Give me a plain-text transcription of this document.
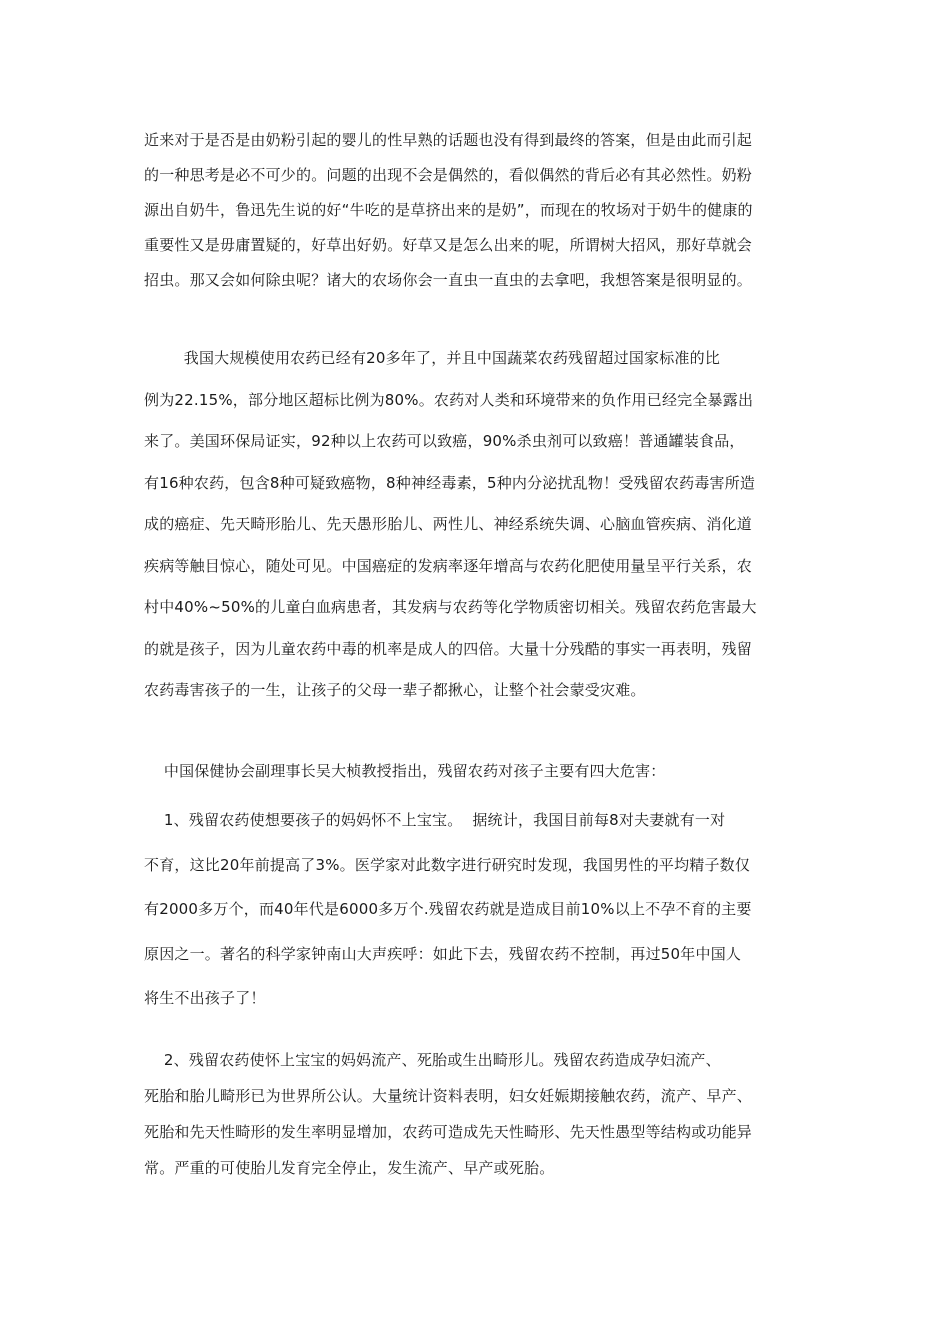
近来对于是否是由奶粉引起的婴儿的性早熟的话题也没有得到最终的答案，但是由此而引起
的一种思考是必不可少的。问题的出现不会是偶然的，看似偶然的背后必有其必然性。奶粉
源出自奶牛，鲁迅先生说的好“牛吃的是草挤出来的是奶”，而现在的牧场对于奶牛的健康的
重要性又是毋庸置疑的，好草出好奶。好草又是怎么出来的呢，所谓树大招风，那好草就会
招虫。那又会如何除虫呢？诸大的农场你会一直虫一直虫的去拿吧，我想答案是很明显的。

我国大规模使用农药已经有20多年了，并且中国蔬菜农药残留超过国家标准的比
例为22.15%，部分地区超标比例为80%。农药对人类和环境带来的负作用已经完全暴露出
来了。美国环保局证实，92种以上农药可以致癌，90%杀虫剂可以致癌！普通罐装食品，
有16种农药，包含8种可疑致癌物，8种神经毒素，5种内分泌扰乱物！受残留农药毒害所造
成的癌症、先天畸形胎儿、先天愚形胎儿、两性儿、神经系统失调、心脑血管疾病、消化道
疾病等触目惊心，随处可见。中国癌症的发病率逐年增高与农药化肥使用量呈平行关系，农
村中40%~50%的儿童白血病患者，其发病与农药等化学物质密切相关。残留农药危害最大
的就是孩子，因为儿童农药中毒的机率是成人的四倍。大量十分残酷的事实一再表明，残留
农药毒害孩子的一生，让孩子的父母一辈子都揪心，让整个社会蒙受灾难。

中国保健协会副理事长吴大桢教授指出，残留农药对孩子主要有四大危害：

1、残留农药使想要孩子的妈妈怀不上宝宝。  据统计，我国目前每8对夫妻就有一对
不育，这比20年前提高了3%。医学家对此数字进行研究时发现，我国男性的平均精子数仅
有2000多万个，而40年代是6000多万个.残留农药就是造成目前10%以上不孕不育的主要
原因之一。著名的科学家钟南山大声疾呼：如此下去，残留农药不控制，再过50年中国人
将生不出孩子了！

2、残留农药使怀上宝宝的妈妈流产、死胎或生出畸形儿。残留农药造成孕妇流产、
死胎和胎儿畸形已为世界所公认。大量统计资料表明，妇女妊娠期接触农药，流产、早产、
死胎和先天性畸形的发生率明显增加，农药可造成先天性畸形、先天性愚型等结构或功能异
常。严重的可使胎儿发育完全停止，发生流产、早产或死胎。
